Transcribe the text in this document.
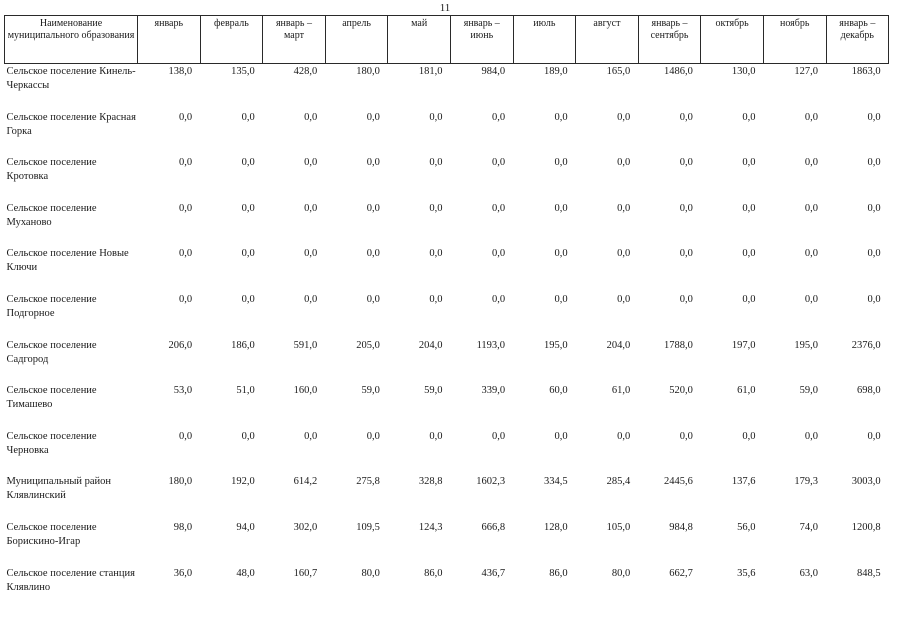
11
Наименование муниципального образования	январь	февраль	январь – март	апрель	май	январь – июнь	июль	август	январь – сентябрь	октябрь	ноябрь	январь – декабрь
Сельское поселение Кинель-Черкассы	138,0	135,0	428,0	180,0	181,0	984,0	189,0	165,0	1486,0	130,0	127,0	1863,0
Сельское поселение Красная Горка	0,0	0,0	0,0	0,0	0,0	0,0	0,0	0,0	0,0	0,0	0,0	0,0
Сельское поселение Кротовка	0,0	0,0	0,0	0,0	0,0	0,0	0,0	0,0	0,0	0,0	0,0	0,0
Сельское поселение Муханово	0,0	0,0	0,0	0,0	0,0	0,0	0,0	0,0	0,0	0,0	0,0	0,0
Сельское поселение Новые Ключи	0,0	0,0	0,0	0,0	0,0	0,0	0,0	0,0	0,0	0,0	0,0	0,0
Сельское поселение Подгорное	0,0	0,0	0,0	0,0	0,0	0,0	0,0	0,0	0,0	0,0	0,0	0,0
Сельское поселение Садгород	206,0	186,0	591,0	205,0	204,0	1193,0	195,0	204,0	1788,0	197,0	195,0	2376,0
Сельское поселение Тимашево	53,0	51,0	160,0	59,0	59,0	339,0	60,0	61,0	520,0	61,0	59,0	698,0
Сельское поселение Черновка	0,0	0,0	0,0	0,0	0,0	0,0	0,0	0,0	0,0	0,0	0,0	0,0
Муниципальный район Клявлинский	180,0	192,0	614,2	275,8	328,8	1602,3	334,5	285,4	2445,6	137,6	179,3	3003,0
Сельское поселение Борискино-Игар	98,0	94,0	302,0	109,5	124,3	666,8	128,0	105,0	984,8	56,0	74,0	1200,8
Сельское поселение станция Клявлино	36,0	48,0	160,7	80,0	86,0	436,7	86,0	80,0	662,7	35,6	63,0	848,5
